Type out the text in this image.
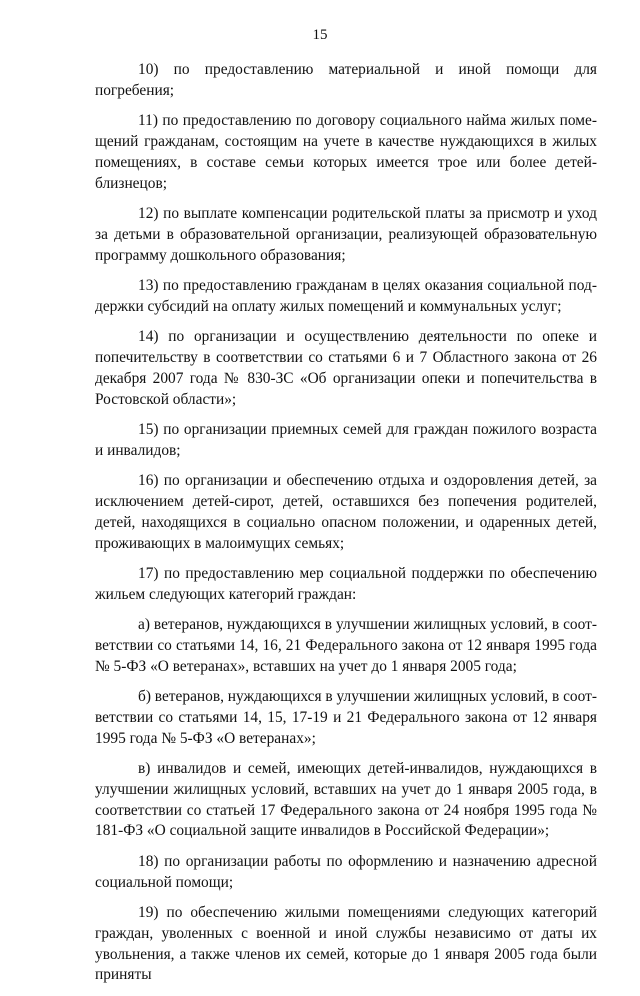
15

10) по предоставлению материальной и иной помощи для погребения;

11) по предоставлению по договору социального найма жилых помещений гражданам, состоящим на учете в качестве нуждающихся в жилых помещениях, в составе семьи которых имеется трое или более детей-близнецов;

12) по выплате компенсации родительской платы за присмотр и уход за детьми в образовательной организации, реализующей образовательную программу дошкольного образования;

13) по предоставлению гражданам в целях оказания социальной поддержки субсидий на оплату жилых помещений и коммунальных услуг;

14) по организации и осуществлению деятельности по опеке и попечительству в соответствии со статьями 6 и 7 Областного закона от 26 декабря 2007 года № 830-ЗС «Об организации опеки и попечительства в Ростовской области»;

15) по организации приемных семей для граждан пожилого возраста и инвалидов;

16) по организации и обеспечению отдыха и оздоровления детей, за исключением детей-сирот, детей, оставшихся без попечения родителей, детей, находящихся в социально опасном положении, и одаренных детей, проживающих в малоимущих семьях;

17) по предоставлению мер социальной поддержки по обеспечению жильем следующих категорий граждан:

а) ветеранов, нуждающихся в улучшении жилищных условий, в соответствии со статьями 14, 16, 21 Федерального закона от 12 января 1995 года № 5-ФЗ «О ветеранах», вставших на учет до 1 января 2005 года;

б) ветеранов, нуждающихся в улучшении жилищных условий, в соответствии со статьями 14, 15, 17-19 и 21 Федерального закона от 12 января 1995 года № 5-ФЗ «О ветеранах»;

в) инвалидов и семей, имеющих детей-инвалидов, нуждающихся в улучшении жилищных условий, вставших на учет до 1 января 2005 года, в соответствии со статьей 17 Федерального закона от 24 ноября 1995 года № 181-ФЗ «О социальной защите инвалидов в Российской Федерации»;

18) по организации работы по оформлению и назначению адресной социальной помощи;

19) по обеспечению жилыми помещениями следующих категорий граждан, уволенных с военной и иной службы независимо от даты их увольнения, а также членов их семей, которые до 1 января 2005 года были приняты
